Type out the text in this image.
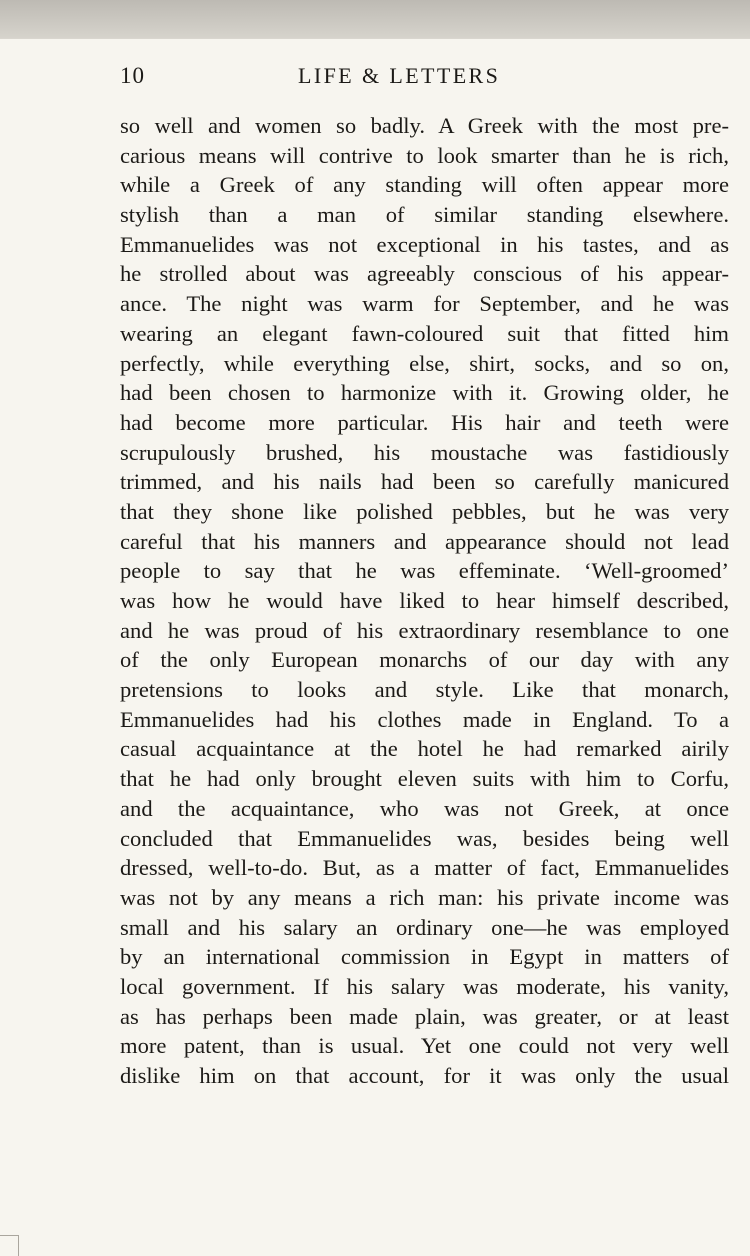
10	LIFE & LETTERS
so well and women so badly. A Greek with the most pre-
carious means will contrive to look smarter than he is rich,
while a Greek of any standing will often appear more
stylish than a man of similar standing elsewhere.
Emmanuelides was not exceptional in his tastes, and as
he strolled about was agreeably conscious of his appear-
ance. The night was warm for September, and he was
wearing an elegant fawn-coloured suit that fitted him
perfectly, while everything else, shirt, socks, and so on,
had been chosen to harmonize with it. Growing older, he
had become more particular. His hair and teeth were
scrupulously brushed, his moustache was fastidiously
trimmed, and his nails had been so carefully manicured
that they shone like polished pebbles, but he was very
careful that his manners and appearance should not lead
people to say that he was effeminate. ‘Well-groomed’
was how he would have liked to hear himself described,
and he was proud of his extraordinary resemblance to one
of the only European monarchs of our day with any
pretensions to looks and style. Like that monarch,
Emmanuelides had his clothes made in England. To a
casual acquaintance at the hotel he had remarked airily
that he had only brought eleven suits with him to Corfu,
and the acquaintance, who was not Greek, at once
concluded that Emmanuelides was, besides being well
dressed, well-to-do. But, as a matter of fact, Emmanuelides
was not by any means a rich man: his private income was
small and his salary an ordinary one—he was employed
by an international commission in Egypt in matters of
local government. If his salary was moderate, his vanity,
as has perhaps been made plain, was greater, or at least
more patent, than is usual. Yet one could not very well
dislike him on that account, for it was only the usual
